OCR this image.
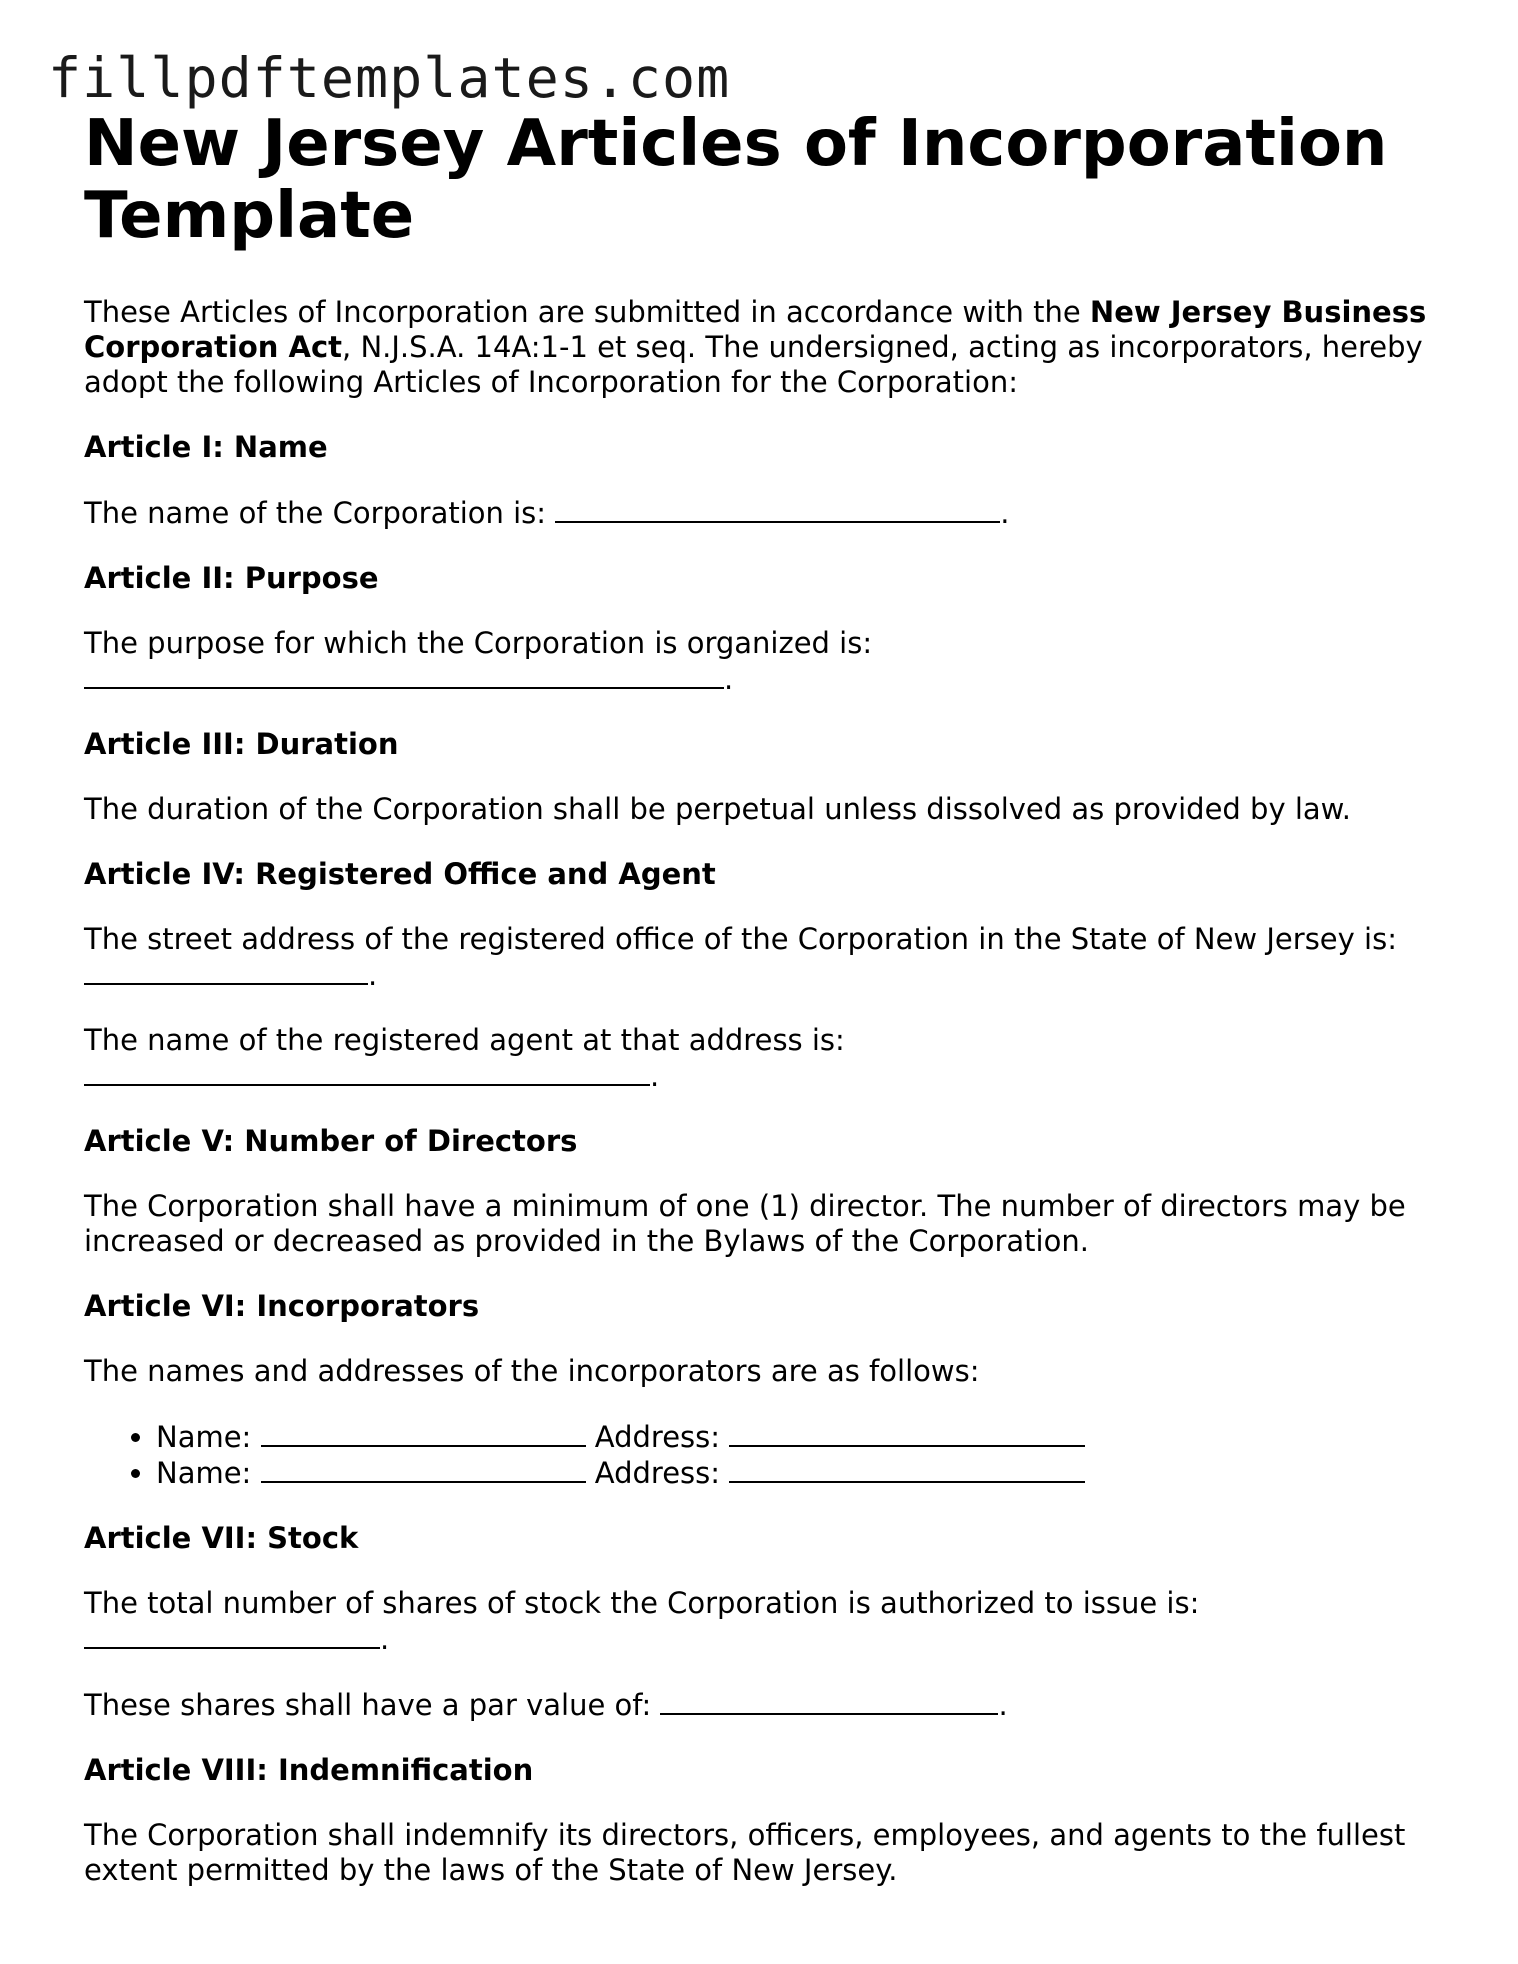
fillpdftemplates.com
New Jersey Articles of Incorporation Template

These Articles of Incorporation are submitted in accordance with the New Jersey Business Corporation Act, N.J.S.A. 14A:1-1 et seq. The undersigned, acting as incorporators, hereby adopt the following Articles of Incorporation for the Corporation:

Article I: Name

The name of the Corporation is:	.

Article II: Purpose

The purpose for which the Corporation is organized is:
.

Article III: Duration

The duration of the Corporation shall be perpetual unless dissolved as provided by law.

Article IV: Registered Office and Agent

The street address of the registered office of the Corporation in the State of New Jersey is:
.

The name of the registered agent at that address is:
.

Article V: Number of Directors

The Corporation shall have a minimum of one (1) director. The number of directors may be increased or decreased as provided in the Bylaws of the Corporation.

Article VI: Incorporators

The names and addresses of the incorporators are as follows:

• Name:	Address:
• Name:	Address:

Article VII: Stock

The total number of shares of stock the Corporation is authorized to issue is:
.

These shares shall have a par value of:	.

Article VIII: Indemnification

The Corporation shall indemnify its directors, officers, employees, and agents to the fullest extent permitted by the laws of the State of New Jersey.
